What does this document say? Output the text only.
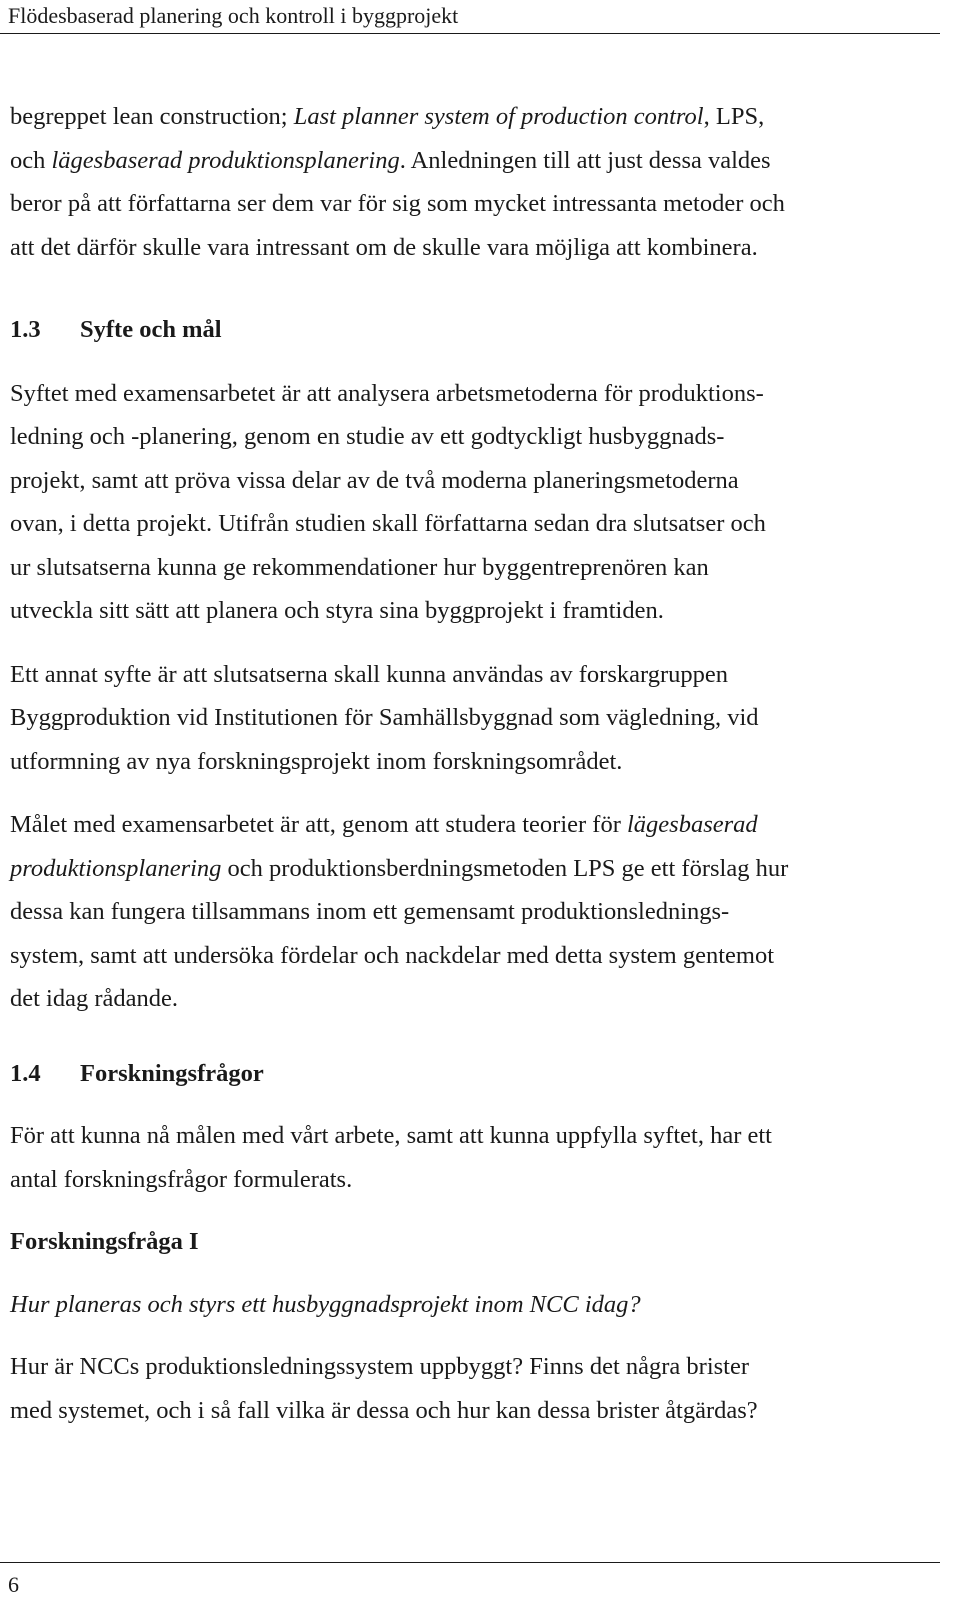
Flödesbaserad planering och kontroll i byggprojekt

begreppet lean construction; Last planner system of production control, LPS,
och lägesbaserad produktionsplanering. Anledningen till att just dessa valdes
beror på att författarna ser dem var för sig som mycket intressanta metoder och
att det därför skulle vara intressant om de skulle vara möjliga att kombinera.

1.3 Syfte och mål

Syftet med examensarbetet är att analysera arbetsmetoderna för produktions-
ledning och -planering, genom en studie av ett godtyckligt husbyggnads-
projekt, samt att pröva vissa delar av de två moderna planeringsmetoderna
ovan, i detta projekt. Utifrån studien skall författarna sedan dra slutsatser och
ur slutsatserna kunna ge rekommendationer hur byggentreprenören kan
utveckla sitt sätt att planera och styra sina byggprojekt i framtiden.

Ett annat syfte är att slutsatserna skall kunna användas av forskargruppen
Byggproduktion vid Institutionen för Samhällsbyggnad som vägledning, vid
utformning av nya forskningsprojekt inom forskningsområdet.

Målet med examensarbetet är att, genom att studera teorier för lägesbaserad
produktionsplanering och produktionsberdningsmetoden LPS ge ett förslag hur
dessa kan fungera tillsammans inom ett gemensamt produktionslednings-
system, samt att undersöka fördelar och nackdelar med detta system gentemot
det idag rådande.

1.4 Forskningsfrågor

För att kunna nå målen med vårt arbete, samt att kunna uppfylla syftet, har ett
antal forskningsfrågor formulerats.

Forskningsfråga I

Hur planeras och styrs ett husbyggnadsprojekt inom NCC idag?

Hur är NCCs produktionsledningssystem uppbyggt? Finns det några brister
med systemet, och i så fall vilka är dessa och hur kan dessa brister åtgärdas?

6
